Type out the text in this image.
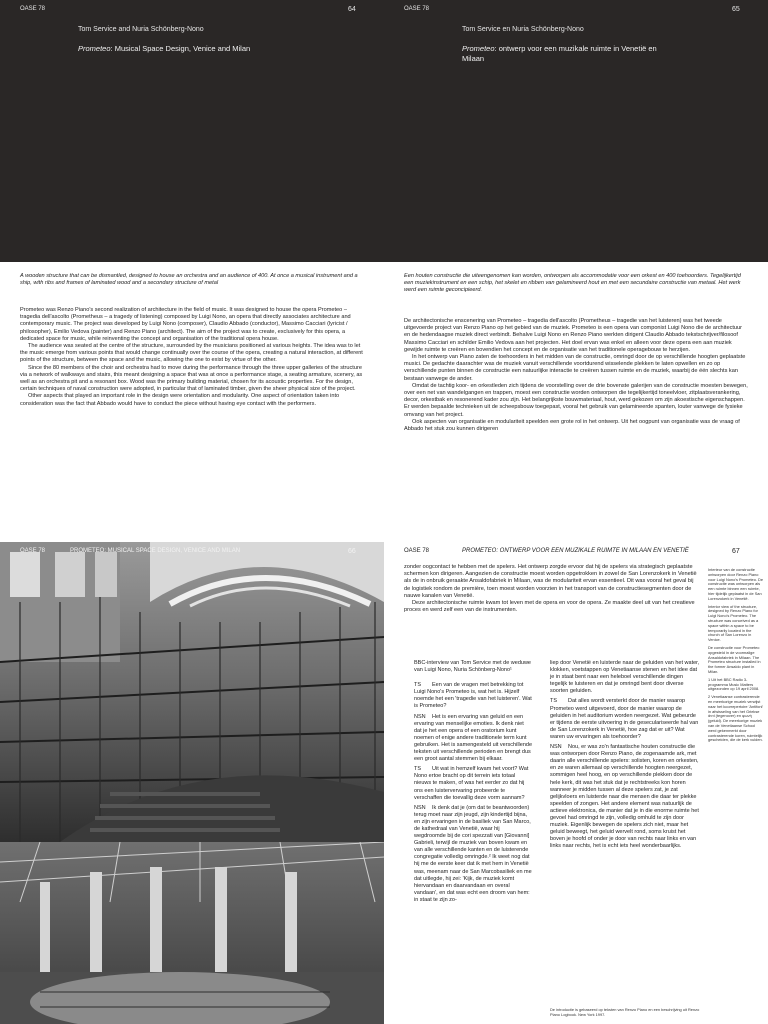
OASE 78	64
Tom Service and Nuria Schönberg-Nono
Prometeo: Musical Space Design, Venice and Milan
A wooden structure that can be dismantled, designed to house an orchestra and an audience of 400. At once a musical instrument and a ship, with ribs and frames of laminated wood and a secondary structure of metal

Prometeo was Renzo Piano's second realization of architecture in the field of music. It was designed to house the opera Prometeo – tragedia dell'ascolto (Prometheus – a tragedy of listening) composed by Luigi Nono, an opera that directly associates architecture and contemporary music. The project was developed by Luigi Nono (composer), Claudio Abbado (conductor), Massimo Cacciari (lyricist / philosopher), Emilio Vedova (painter) and Renzo Piano (architect). The aim of the project was to create, exclusively for this opera, a dedicated space for music, while reinventing the concept and organisation of the traditional opera house.

The audience was seated at the centre of the structure, surrounded by the musicians positioned at various heights. The idea was to let the music emerge from various points that would change continually over the course of the opera, creating a natural interaction, at different points of the structure, between the space and the music, allowing the one to exist by virtue of the other.

Since the 80 members of the choir and orchestra had to move during the performance through the three upper galleries of the structure via a network of walkways and stairs, this meant designing a space that was at once a performance stage, a seating armature, scenery, as well as an orchestra pit and a resonant box. Wood was the primary building material, chosen for its acoustic properties. For the design, certain techniques of naval construction were adopted, in particular that of laminated timber, given the sheer physical size of the project.

Other aspects that played an important role in the design were orientation and modularity. One aspect of orientation taken into consideration was the fact that Abbado would have to conduct the piece without having eye contact with the performers.

OASE 78	65
Tom Service en Nuria Schönberg-Nono
Prometeo: ontwerp voor een muzikale ruimte in Venetië en Milaan
Een houten constructie die uiteengenomen kan worden, ontworpen als accommodatie voor een orkest en 400 toehoorders. Tegelijkertijd een muziekinstrument en een schip, het skelet en ribben van gelamineerd hout en met een secundaire constructie van metaal. Het werk werd een ruimte geconcipieerd.

De architectonische enscenering van Prometeo – tragedia dell'ascolto (Prometheus – tragedie van het luisteren) was het tweede uitgevoerde project van Renzo Piano op het gebied van de muziek. Prometeo is een opera van componist Luigi Nono die de architectuur en de hedendaagse muziek direct verbindt. Behalve Luigi Nono en Renzo Piano werkten dirigent Claudio Abbado tekstschrijver/filosoof Massimo Cacciari en schilder Emilio Vedova aan het projecten. Het doel ervan was enkel en alleen voor deze opera een aan muziek gewijde ruimte te creëren en bovendien het concept en de organisatie van het traditionele operagebouw te herzijen.

In het ontwerp van Piano zaten de toehoorders in het midden van de constructie, omringd door de op verschillende hoogten geplaatste musici. De gedachte daarachter was de muziek vanuit verschillende voortdurend wisselende plekken te laten opwellen en zo op verschillende punten binnen de constructie een natuurlijke interactie te creëren tussen ruimte en de muziek, waarbij de één slechts kan bestaan vanwege de ander.

Omdat de tachtig koor- en orkestleden zich tijdens de voorstelling over de drie bovenste galerijen van de constructie moesten bewegen, over een net van wandelgangen en trappen, moest een constructie worden ontworpen die tegelijkertijd toneelvloer, zitplaatsverankering, decor, orkestbak en resonerend kader zou zijn. Het belangrijkste bouwmateriaal, hout, werd gekozen om zijn akoestische eigenschappen. Er werden bepaalde technieken uit de scheepsbouw toegepast, vooral het gebruik van gelamineerde spanten, louter vanwege de fysieke omvang van het project.

Ook aspecten van organisatie en modulariteit speelden een grote rol in het ontwerp. Uit het oogpunt van organisatie was de vraag of Abbado het stuk zou kunnen dirigeren

OASE 78	PROMETEO: MUSICAL SPACE DESIGN, VENICE AND MILAN	66	OASE 78	PROMETEO: ONTWERP VOOR EEN MUZIKALE RUIMTE IN MILAAN EN VENETIË	67

zonder oogcontact te hebben met de spelers. Het ontwerp zorgde ervoor dat hij de spelers via strategisch geplaatste schermen kon dirigeren. Aangezien de constructie moest worden opgetrokken in zowel de San Lorenzokerk in Venetië als de in onbruik geraakte Ansaldofabriek in Milaan, was de modulariteit ervan essentieel. Dit was vooral het geval bij de logistiek rondom de première, toen moest worden voorzien in het transport van de constructiesegmenten door de nauwe kanalen van Venetië.

Deze architectonische ruimte kwam tot leven met de opera en voor de opera. Ze maakte deel uit van het creatieve proces en werd zelf een van de instrumenten.

BBC-interview van Tom Service met de weduwe van Luigi Nono, Nuria Schönberg-Nono¹

TS Een van de vragen met betrekking tot Luigi Nono's Prometeo is, wat het is. Hijzelf noemde het een 'tragedie van het luisteren'. Wat is Prometeo?

NSN Het is een ervaring van geluid en een ervaring van menselijke emoties. Ik denk niet dat je het een opera of een oratorium kunt noemen of enige andere traditionele term kunt gebruiken. Het is samengesteld uit verschillende teksten uit verschillende perioden en brengt dus een groot aantal stemmen bij elkaar.

TS Uit wat in hemzelf kwam het voort? Wat Nono ertoe bracht op dit terrein iets totaal nieuws te maken, of was het eerder zo dat hij ons een luistervervaring probeerde te verschaffen die toevallig deze vorm aannam?

NSN Ik denk dat je (om dat te beantwoorden) terug moet naar zijn jeugd, zijn kindertijd bijna, en zijn ervaringen in de basiliek van San Marco, de kathedraal van Venetië, waar hij wegdroomde bij de cori spezzati van [Giovanni] Gabrieli, terwijl de muziek van boven kwam en van alle verschillende kanten en de luisterende congregatie volledig omringde.² Ik weet nog dat hij me de eerste keer dat ik met hem in Venetië was, meenam naar de San Marcobasiliek en me dat uitlegde, hij zei: 'Kijk, de muziek komt hiervandaan en daarvandaan en overal vandaan', en dat was echt een droom van hem: in staat te zijn zo-

liep door Venetië en luisterde naar de geluiden van het water, klokken, voetstappen op Venetiaanse stenen en het idee dat je in staat bent naar een heleboel verschillende dingen tegelijk te luisteren en dat je omringd bent door diverse soorten geluiden.

TS Dat alles wordt versterkt door de manier waarop Prometeo werd uitgevoerd, door de manier waarop de geluiden in het auditorium worden neergezet. Wat gebeurde er tijdens de eerste uitvoering in de geseculariseerde hal van de San Lorenzokerk in Venetië, hoe zag dat er uit? Wat waren uw ervaringen als toehoorder?

NSN Nou, er was zo'n fantastische houten constructie die was ontworpen door Renzo Piano, de zogenaamde ark, met daarin alle verschillende spelers: solisten, koren en orkesten, en ze waren allemaal op verschillende hoogten neergezet, sommigen heel hoog, en op verschillende plekken door de hele kerk, dit was het stuk dat je rechtstreeks kon horen wanneer je midden tussen al deze spelers zat, je zat gelijkvloers en luisterde naar die mensen die daar ter plekke speelden of zongen. Het andere element was natuurlijk de actieve elektronica, de manier dat je in die enorme ruimte het gevoel had omringd te zijn, volledig omhuld te zijn door muziek. Eigenlijk bewegen de spelers zich niet, maar het geluid beweegt, het geluid wervelt rond, soms kruist het boven je hoofd of onder je door van rechts naar links en van links naar rechts, het is echt iets heel wonderbaarlijks.

De introductie is gebaseerd op teksten van Renzo Piano en een beschrijving uit Renzo Piano Logbook. New York 1997.

Interieur van de constructie ontworpen door Renzo Piano voor Luigi Nono's Prometeo. De constructie was ontworpen als een ruimte binnen een ruimte, hier tijdelijk geplaatst in de San Lorenzokerk in Venetië.

Interior view of the structure, designed by Renzo Piano for Luigi Nono's Prometeo. The structure was conceived as a space within a space to be temporarily located in the church of San Lorenzo in Venice.

De constructie voor Prometeo opgesteld in de voormalige Ansaldofabriek in Milaan. The Prometeo structure installed in the former Ansaldo plant in Milan.

1 Uit het BBC Radio 3-programma Music Matters uitgezonden op 19 april 2008.

2 Venetiaanse contrasterende en meerkorige muziek verwijst naar het koorrepertoire 'Antifoni' in afwisseling van het Griekse ἀντί (tegenover) en φωνή (geluid). De meerkorige muziek van de Venetiaanse School werd gekenmerkt door contrasterende koren, ruimtelijk gescheiden, die de kerk vulden.
